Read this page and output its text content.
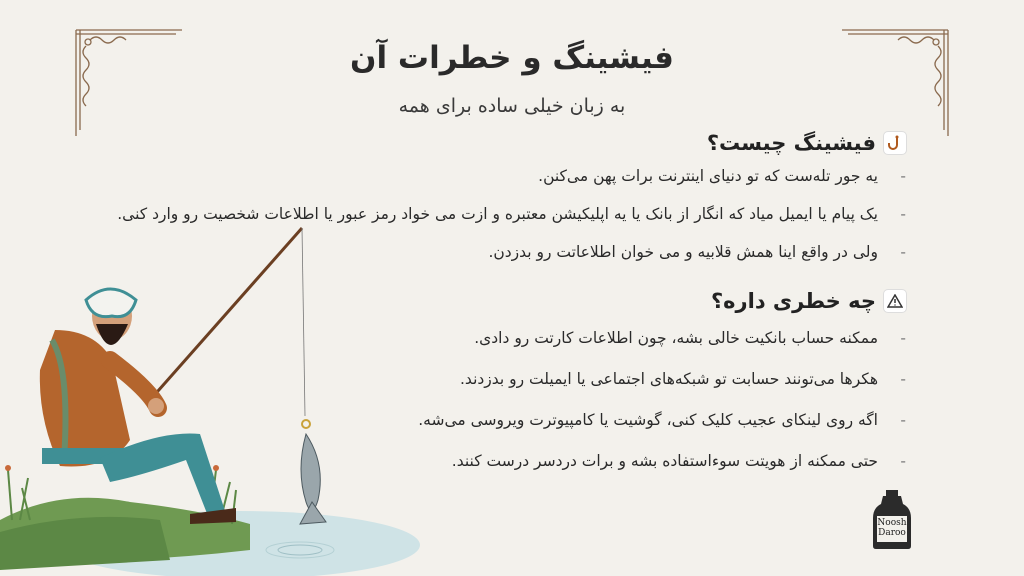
فیشینگ و خطرات آن
به زبان خیلی ساده برای همه
فیشینگ چیست؟
-یه جور تله‌ست که تو دنیای اینترنت برات پهن می‌کنن.
-یک پیام یا ایمیل میاد که انگار از بانک یا یه اپلیکیشن معتبره و ازت می خواد رمز عبور یا اطلاعات شخصیت رو وارد کنی.
-ولی در واقع اینا همش قلابیه و می خوان اطلاعاتت رو بدزدن.
چه خطری داره؟
-ممکنه حساب بانکیت خالی بشه، چون اطلاعات کارتت رو دادی.
-هکرها می‌تونند حسابت تو شبکه‌های اجتماعی یا ایمیلت رو بدزدند.
-اگه روی لینکای عجیب کلیک کنی، گوشیت یا کامپیوترت ویروسی می‌شه.
-حتی ممکنه از هویتت سوءاستفاده بشه و برات دردسر درست کنند.
Noosh
Daroo
